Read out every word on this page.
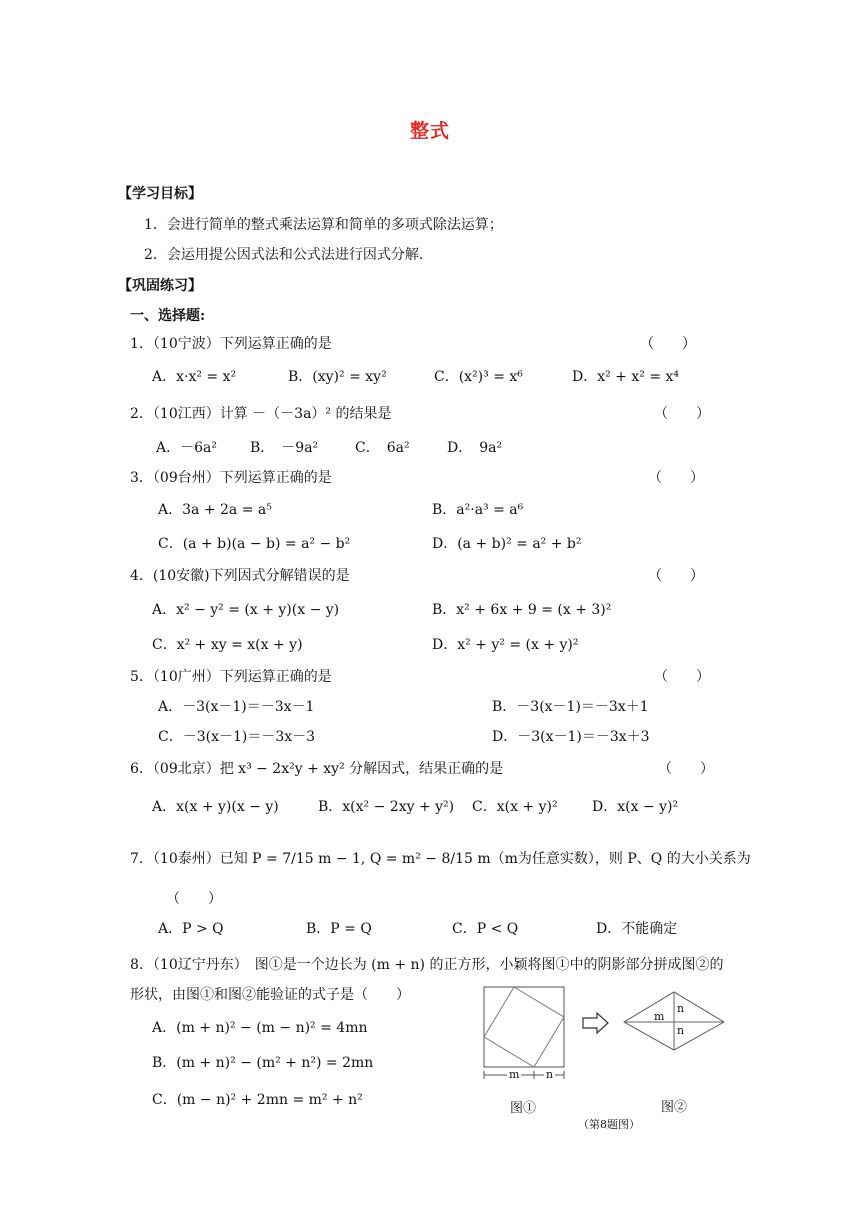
整式
【学习目标】
1．会进行简单的整式乘法运算和简单的多项式除法运算；
2．会运用提公因式法和公式法进行因式分解.
【巩固练习】
一、选择题:
1．（10宁波）下列运算正确的是	（　　）
A．x·x² = x²	B．(xy)² = xy²	C．(x²)³ = x⁶	D．x² + x² = x⁴
2．（10江西）计算 －（－3a）² 的结果是	（　　）
A．－6a² B．　－9a²	C．　6a²	D．　9a²
3．（09台州）下列运算正确的是	（　　）
A．3a + 2a = a⁵	B．a²·a³ = a⁶
C．(a + b)(a − b) = a² − b²	D．(a + b)² = a² + b²
4．(10安徽)下列因式分解错误的是	（　　）
A．x² − y² = (x + y)(x − y)	B．x² + 6x + 9 = (x + 3)²
C．x² + xy = x(x + y)	D．x² + y² = (x + y)²
5．（10广州）下列运算正确的是	（　　）
A．－3(x－1)＝－3x－1	B．－3(x－1)＝－3x＋1
C．－3(x－1)＝－3x－3	D．－3(x－1)＝－3x＋3
6．（09北京）把 x³ − 2x²y + xy² 分解因式，结果正确的是	（　　）
A．x(x + y)(x − y)	B．x(x² − 2xy + y²) C．x(x + y)² D．x(x − y)²
7．（10泰州）已知 P = 7/15 m − 1, Q = m² − 8/15 m（m为任意实数），则 P、Q 的大小关系为
（　　）
A．P > Q	B．P = Q	C．P < Q	D．不能确定
8．（10辽宁丹东）　图①是一个边长为 (m + n) 的正方形，小颖将图①中的阴影部分拼成图②的形状，由图①和图②能验证的式子是（　　）
A．(m + n)² − (m − n)² = 4mn
B．(m + n)² − (m² + n²) = 2mn
C．(m − n)² + 2mn = m² + n²
m n
图①
m
n
n
图②
（第8题图）
